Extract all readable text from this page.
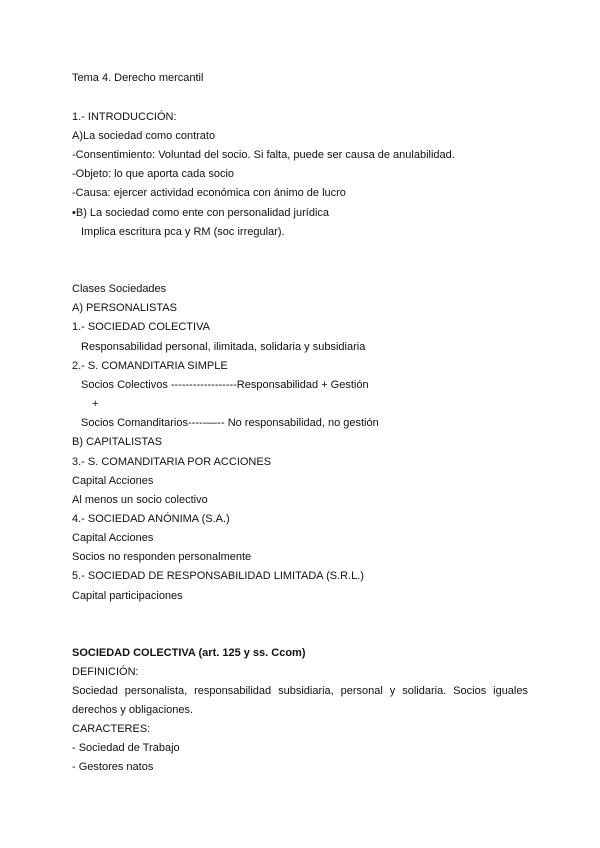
Tema 4. Derecho mercantil
1.- INTRODUCCIÓN:
A)La sociedad como contrato
-Consentimiento: Voluntad del socio. Si falta, puede ser causa de anulabilidad.
-Objeto: lo que aporta cada socio
-Causa: ejercer actividad económica con ánimo de lucro
•B) La sociedad como ente con personalidad jurídica
Implica escritura pca y RM (soc irregular).
Clases Sociedades
A) PERSONALISTAS
1.- SOCIEDAD COLECTIVA
Responsabilidad personal, ilimitada, solidaria y subsidiaria
2.- S. COMANDITARIA SIMPLE
Socios Colectivos ------------------Responsabilidad + Gestión
+
Socios Comanditarios-----—-- No responsabilidad, no gestión
B) CAPITALISTAS
3.- S. COMANDITARIA POR ACCIONES
Capital Acciones
Al menos un socio colectivo
4.- SOCIEDAD ANÓNIMA (S.A.)
Capital Acciones
Socios no responden personalmente
5.- SOCIEDAD DE RESPONSABILIDAD LIMITADA (S.R.L.)
Capital participaciones
SOCIEDAD COLECTIVA (art. 125 y ss. Ccom)
DEFINICIÓN:
Sociedad personalista, responsabilidad subsidiaria, personal y solidaria. Socios iguales derechos y obligaciones.
CARACTERES:
- Sociedad de Trabajo
- Gestores natos
